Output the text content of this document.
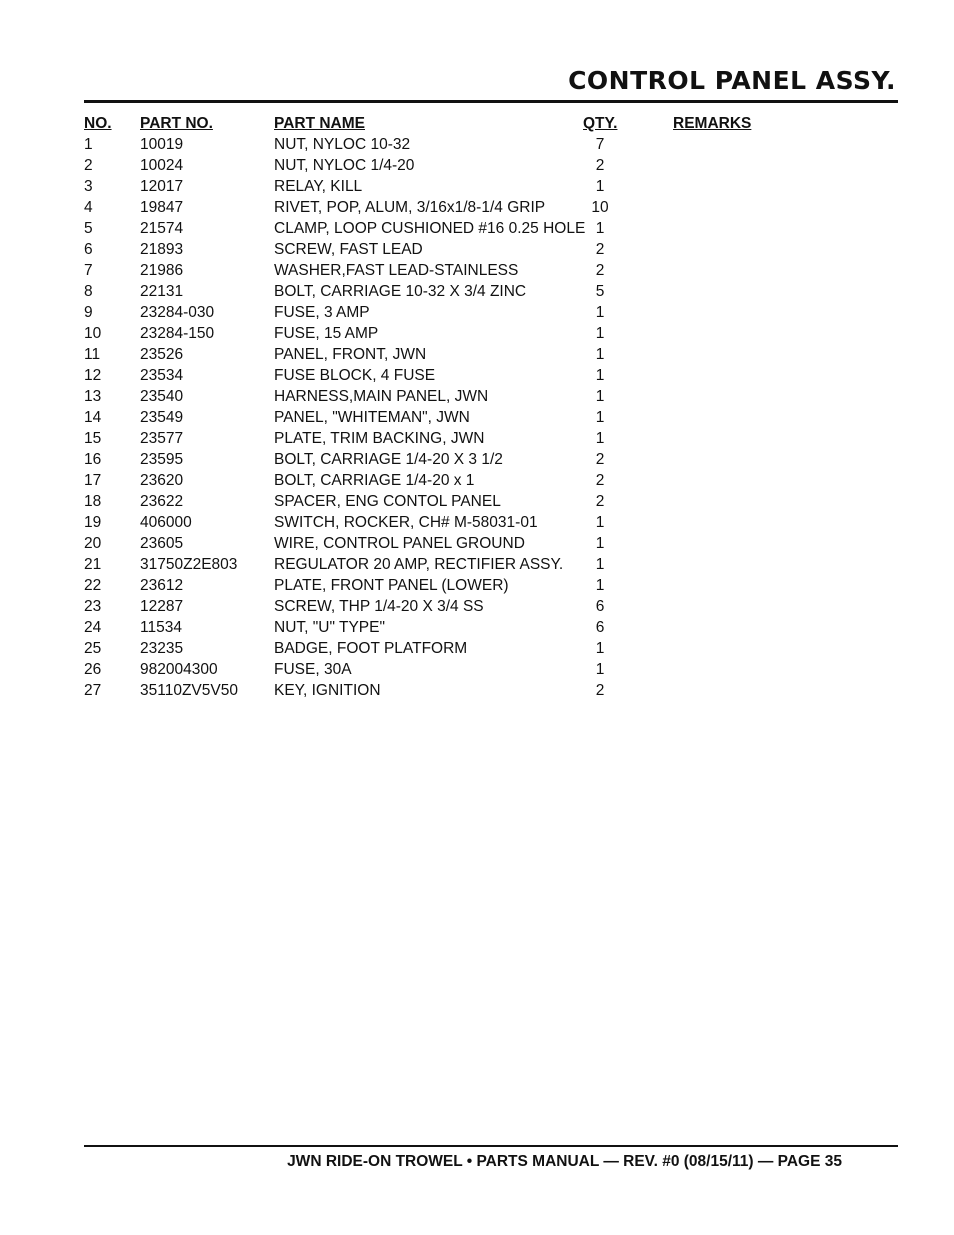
CONTROL PANEL ASSY.
NO. PART NO.	PART NAME	QTY.	REMARKS
1	10019	NUT, NYLOC 10-32	7
2	10024	NUT, NYLOC 1/4-20	2
3	12017	RELAY, KILL	1
4	19847	RIVET, POP, ALUM, 3/16x1/8-1/4 GRIP	10
5	21574	CLAMP, LOOP CUSHIONED #16 0.25 HOLE 1
6	21893	SCREW, FAST LEAD	2
7	21986	WASHER,FAST LEAD-STAINLESS	2
8	22131	BOLT, CARRIAGE 10-32 X 3/4 ZINC	5
9	23284-030	FUSE, 3 AMP	1
10	23284-150	FUSE, 15 AMP	1
11	23526	PANEL, FRONT, JWN	1
12	23534	FUSE BLOCK, 4 FUSE	1
13	23540	HARNESS,MAIN PANEL, JWN	1
14	23549	PANEL, "WHITEMAN", JWN	1
15	23577	PLATE, TRIM BACKING, JWN	1
16	23595	BOLT, CARRIAGE 1/4-20 X 3 1/2	2
17	23620	BOLT, CARRIAGE 1/4-20 x 1	2
18	23622	SPACER, ENG CONTOL PANEL	2
19	406000	SWITCH, ROCKER, CH# M-58031-01	1
20	23605	WIRE, CONTROL PANEL GROUND	1
21	31750Z2E803 REGULATOR 20 AMP, RECTIFIER ASSY.	1
22	23612	PLATE, FRONT PANEL (LOWER)	1
23	12287	SCREW, THP 1/4-20 X 3/4 SS	6
24	11534	NUT, "U" TYPE"	6
25	23235	BADGE, FOOT PLATFORM	1
26	982004300	FUSE, 30A	1
27	35110ZV5V50 KEY, IGNITION	2
JWN RIDE-ON TROWEL • PARTS MANUAL — REV. #0 (08/15/11) — PAGE 35
